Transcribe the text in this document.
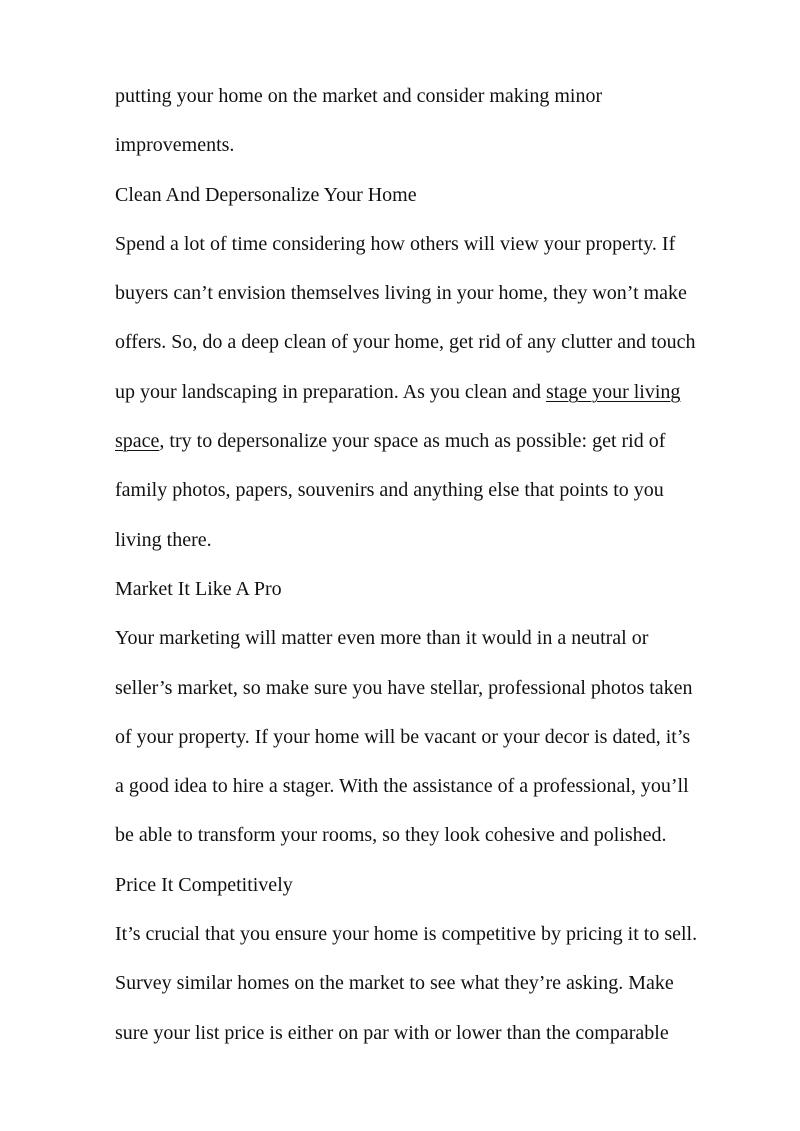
putting your home on the market and consider making minor
improvements.
Clean And Depersonalize Your Home
Spend a lot of time considering how others will view your property. If
buyers can’t envision themselves living in your home, they won’t make
offers. So, do a deep clean of your home, get rid of any clutter and touch
up your landscaping in preparation. As you clean and stage your living
space, try to depersonalize your space as much as possible: get rid of
family photos, papers, souvenirs and anything else that points to you
living there.
Market It Like A Pro
Your marketing will matter even more than it would in a neutral or
seller’s market, so make sure you have stellar, professional photos taken
of your property. If your home will be vacant or your decor is dated, it’s
a good idea to hire a stager. With the assistance of a professional, you’ll
be able to transform your rooms, so they look cohesive and polished.
Price It Competitively
It’s crucial that you ensure your home is competitive by pricing it to sell.
Survey similar homes on the market to see what they’re asking. Make
sure your list price is either on par with or lower than the comparable
